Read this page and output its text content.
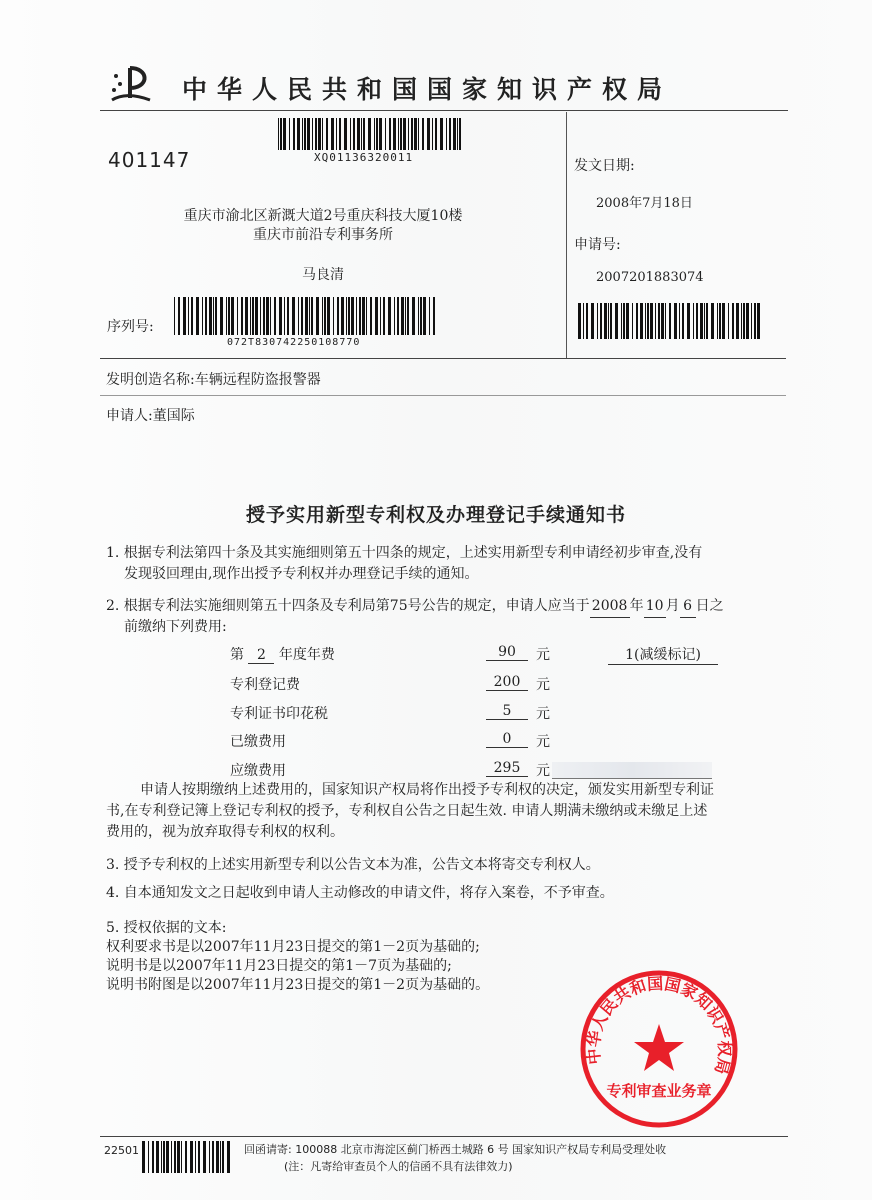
中华人民共和国国家知识产权局
XQ01136320011
401147
重庆市渝北区新溉大道2号重庆科技大厦10楼
重庆市前沿专利事务所
马良清
序列号:
072T830742250108770
发文日期:
2008年7月18日
申请号:
2007201883074
发明创造名称:车辆远程防盗报警器
申请人:董国际
授予实用新型专利权及办理登记手续通知书
1. 根据专利法第四十条及其实施细则第五十四条的规定，上述实用新型专利申请经初步审查,没有
发现驳回理由,现作出授予专利权并办理登记手续的通知。
2. 根据专利法实施细则第五十四条及专利局第75号公告的规定，申请人应当于 2008 年 10 月 6 日之
前缴纳下列费用:
第 2 年度年费	90	元	1(减缓标记)
专利登记费	200	元
专利证书印花税	5	元
已缴费用	0	元
应缴费用	295	元
申请人按期缴纳上述费用的，国家知识产权局将作出授予专利权的决定，颁发实用新型专利证
书,在专利登记簿上登记专利权的授予，专利权自公告之日起生效. 申请人期满未缴纳或未缴足上述
费用的，视为放弃取得专利权的权利。
3. 授予专利权的上述实用新型专利以公告文本为准，公告文本将寄交专利权人。
4. 自本通知发文之日起收到申请人主动修改的申请文件，将存入案卷，不予审查。
5. 授权依据的文本:
权利要求书是以2007年11月23日提交的第1－2页为基础的;
说明书是以2007年11月23日提交的第1－7页为基础的;
说明书附图是以2007年11月23日提交的第1－2页为基础的。
中华人民共和国国家知识产权局
专利审查业务章
22501	回函请寄: 100088 北京市海淀区蓟门桥西土城路 6 号 国家知识产权局专利局受理处收
(注：凡寄给审查员个人的信函不具有法律效力)
